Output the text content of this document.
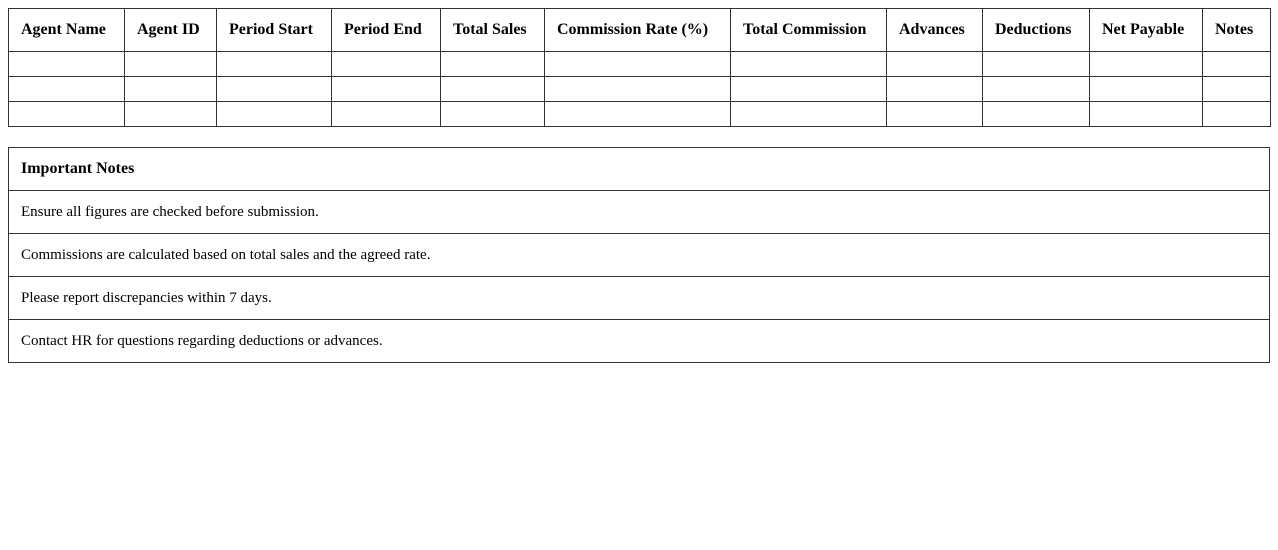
Agent Name	Agent ID	Period Start	Period End	Total Sales	Commission Rate (%)	Total Commission	Advances	Deductions	Net Payable	Notes

Important Notes
Ensure all figures are checked before submission.
Commissions are calculated based on total sales and the agreed rate.
Please report discrepancies within 7 days.
Contact HR for questions regarding deductions or advances.
